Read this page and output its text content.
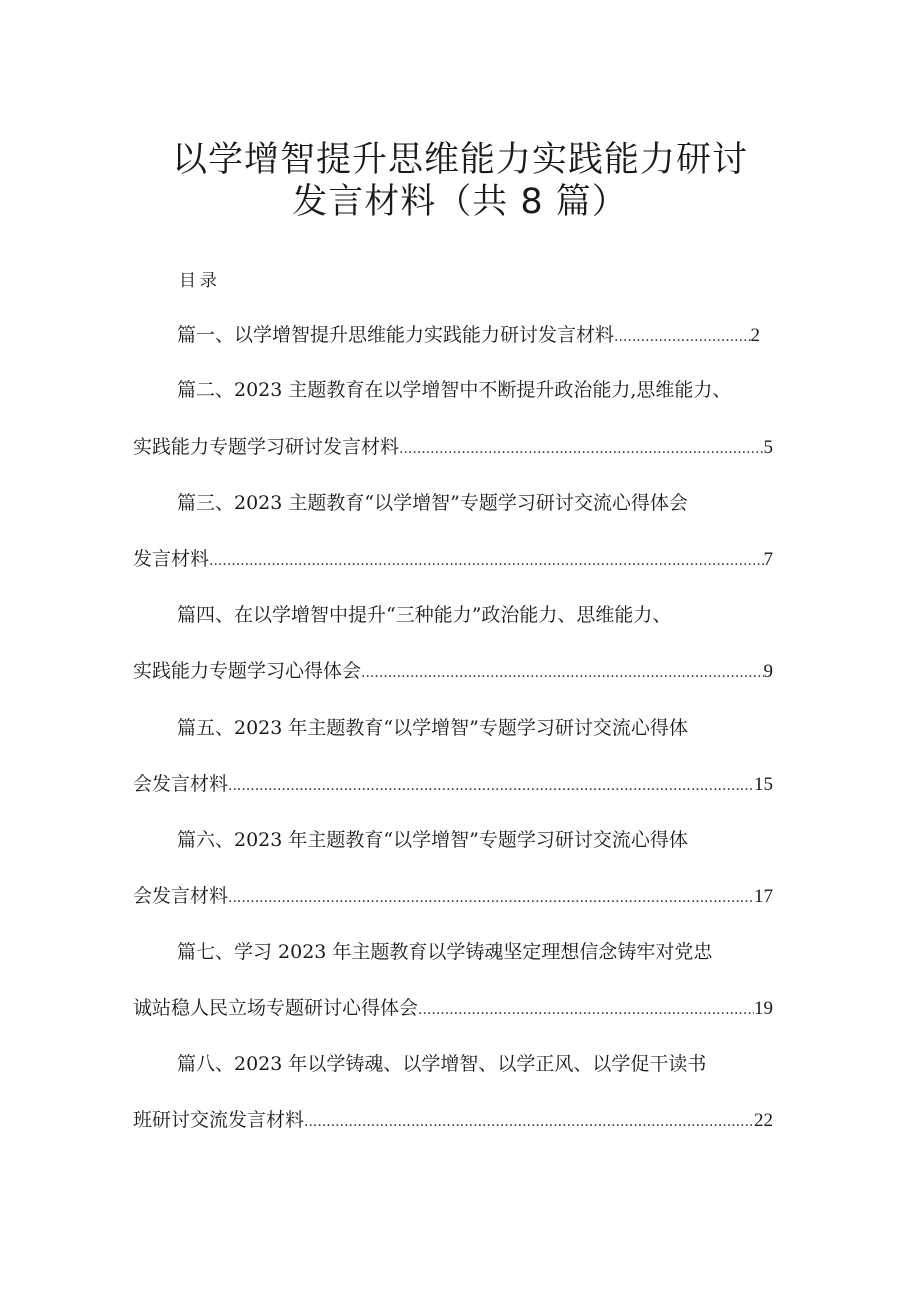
以学增智提升思维能力实践能力研讨
发言材料（共 8 篇）
目录
篇一、以学增智提升思维能力实践能力研讨发言材料 .....	2
篇二、2023 主题教育在以学增智中不断提升政治能力,思维能力、
实践能力专题学习研讨发言材料 .....	5
篇三、2023 主题教育“以学增智”专题学习研讨交流心得体会
发言材料 .....	7
篇四、在以学增智中提升“三种能力”政治能力、思维能力、
实践能力专题学习心得体会 .....	9
篇五、2023 年主题教育“以学增智”专题学习研讨交流心得体
会发言材料 .....	15
篇六、2023 年主题教育“以学增智”专题学习研讨交流心得体
会发言材料 .....	17
篇七、学习 2023 年主题教育以学铸魂坚定理想信念铸牢对党忠
诚站稳人民立场专题研讨心得体会 .....	19
篇八、2023 年以学铸魂、以学增智、以学正风、以学促干读书
班研讨交流发言材料 .....	22
